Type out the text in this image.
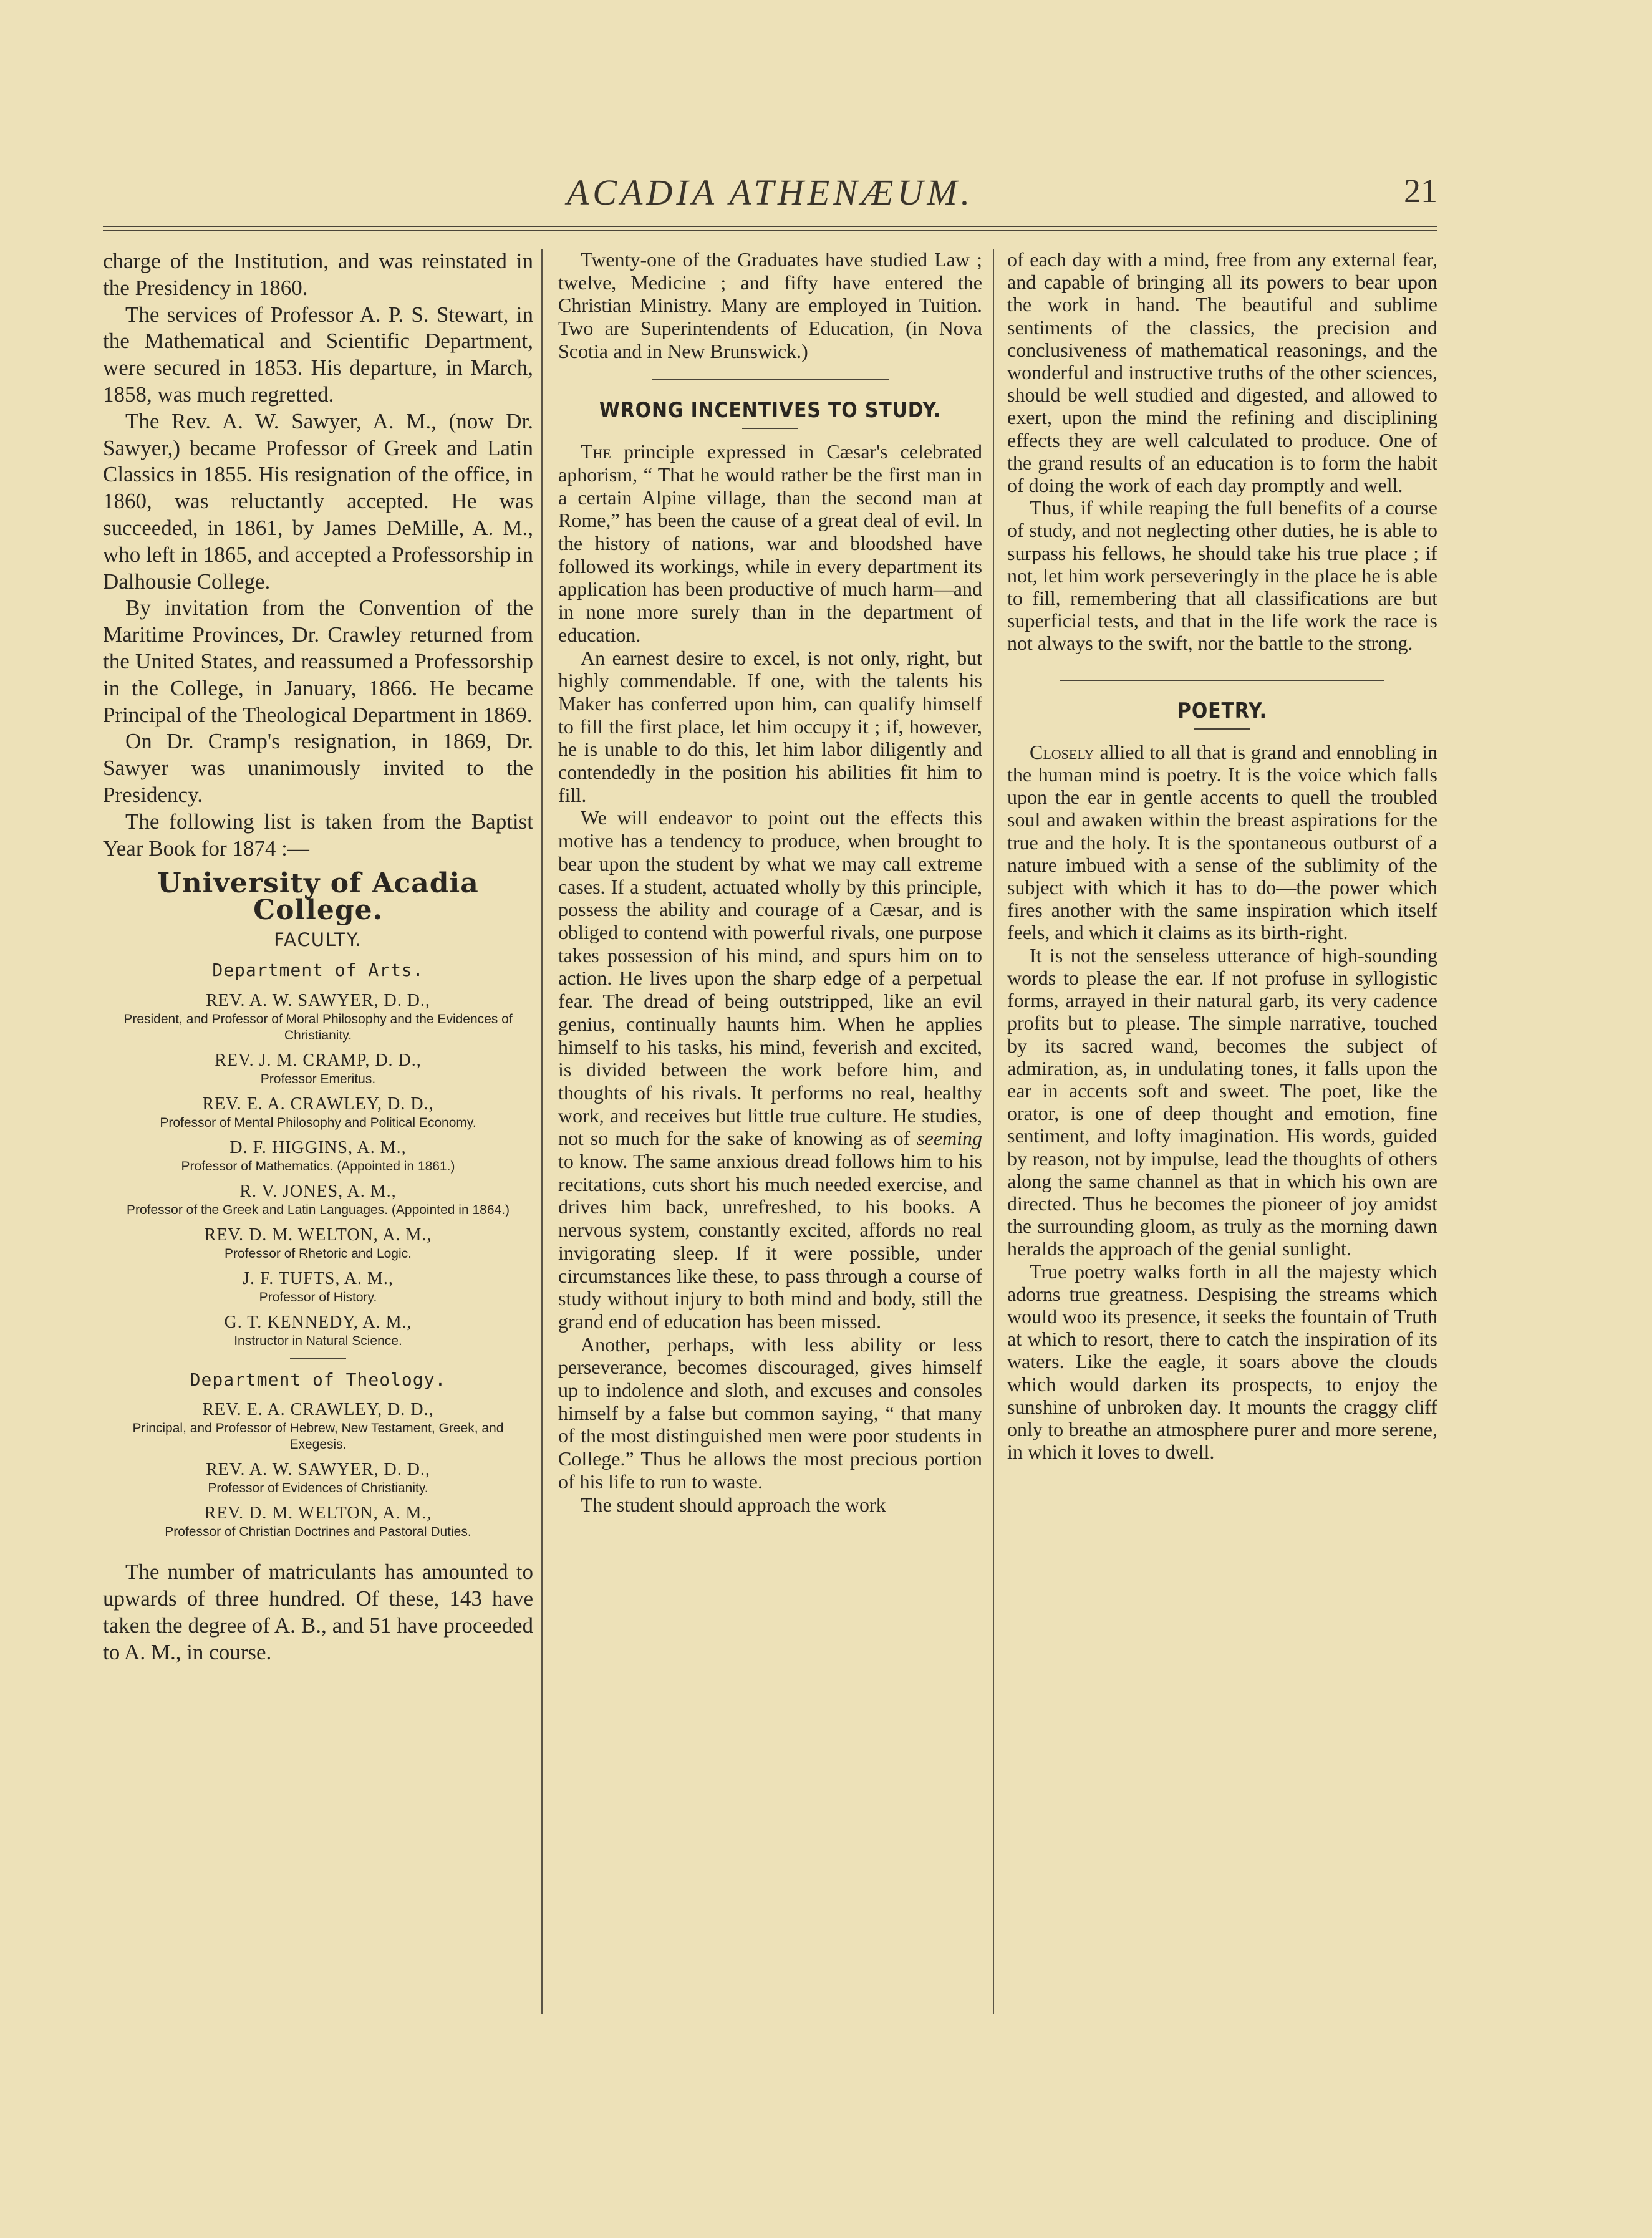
ACADIA ATHENÆUM.	21

charge of the Institution, and was reinstated in the Presidency in 1860.

The services of Professor A. P. S. Stewart, in the Mathematical and Scientific Department, were secured in 1853. His departure, in March, 1858, was much regretted.

The Rev. A. W. Sawyer, A. M., (now Dr. Sawyer,) became Professor of Greek and Latin Classics in 1855. His resignation of the office, in 1860, was reluctantly accepted. He was succeeded, in 1861, by James DeMille, A. M., who left in 1865, and accepted a Professorship in Dalhousie College.

By invitation from the Convention of the Maritime Provinces, Dr. Crawley returned from the United States, and reassumed a Professorship in the College, in January, 1866. He became Principal of the Theological Department in 1869.

On Dr. Cramp's resignation, in 1869, Dr. Sawyer was unanimously invited to the Presidency.

The following list is taken from the Baptist Year Book for 1874 :—

University of Acadia College.
FACULTY.
Department of Arts.
REV. A. W. SAWYER, D. D.,
President, and Professor of Moral Philosophy and the Evidences of Christianity.
REV. J. M. CRAMP, D. D.,
Professor Emeritus.
REV. E. A. CRAWLEY, D. D.,
Professor of Mental Philosophy and Political Economy.
D. F. HIGGINS, A. M.,
Professor of Mathematics. (Appointed in 1861.)
R. V. JONES, A. M.,
Professor of the Greek and Latin Languages. (Appointed in 1864.)
REV. D. M. WELTON, A. M.,
Professor of Rhetoric and Logic.
J. F. TUFTS, A. M.,
Professor of History.
G. T. KENNEDY, A. M.,
Instructor in Natural Science.
Department of Theology.
REV. E. A. CRAWLEY, D. D.,
Principal, and Professor of Hebrew, New Testament, Greek, and Exegesis.
REV. A. W. SAWYER, D. D.,
Professor of Evidences of Christianity.
REV. D. M. WELTON, A. M.,
Professor of Christian Doctrines and Pastoral Duties.

The number of matriculants has amounted to upwards of three hundred. Of these, 143 have taken the degree of A. B., and 51 have proceeded to A. M., in course.

Twenty-one of the Graduates have studied Law ; twelve, Medicine ; and fifty have entered the Christian Ministry. Many are employed in Tuition. Two are Superintendents of Education, (in Nova Scotia and in New Brunswick.)

WRONG INCENTIVES TO STUDY.

The principle expressed in Cæsar's celebrated aphorism, “ That he would rather be the first man in a certain Alpine village, than the second man at Rome,” has been the cause of a great deal of evil. In the history of nations, war and bloodshed have followed its workings, while in every department its application has been productive of much harm—and in none more surely than in the department of education.

An earnest desire to excel, is not only, right, but highly commendable. If one, with the talents his Maker has conferred upon him, can qualify himself to fill the first place, let him occupy it ; if, however, he is unable to do this, let him labor diligently and contendedly in the position his abilities fit him to fill.

We will endeavor to point out the effects this motive has a tendency to produce, when brought to bear upon the student by what we may call extreme cases. If a student, actuated wholly by this principle, possess the ability and courage of a Cæsar, and is obliged to contend with powerful rivals, one purpose takes possession of his mind, and spurs him on to action. He lives upon the sharp edge of a perpetual fear. The dread of being outstripped, like an evil genius, continually haunts him. When he applies himself to his tasks, his mind, feverish and excited, is divided between the work before him, and thoughts of his rivals. It performs no real, healthy work, and receives but little true culture. He studies, not so much for the sake of knowing as of seeming to know. The same anxious dread follows him to his recitations, cuts short his much needed exercise, and drives him back, unrefreshed, to his books. A nervous system, constantly excited, affords no real invigorating sleep. If it were possible, under circumstances like these, to pass through a course of study without injury to both mind and body, still the grand end of education has been missed.

Another, perhaps, with less ability or less perseverance, becomes discouraged, gives himself up to indolence and sloth, and excuses and consoles himself by a false but common saying, “ that many of the most distinguished men were poor students in College.” Thus he allows the most precious portion of his life to run to waste.

The student should approach the work

of each day with a mind, free from any external fear, and capable of bringing all its powers to bear upon the work in hand. The beautiful and sublime sentiments of the classics, the precision and conclusiveness of mathematical reasonings, and the wonderful and instructive truths of the other sciences, should be well studied and digested, and allowed to exert, upon the mind the refining and disciplining effects they are well calculated to produce. One of the grand results of an education is to form the habit of doing the work of each day promptly and well.

Thus, if while reaping the full benefits of a course of study, and not neglecting other duties, he is able to surpass his fellows, he should take his true place ; if not, let him work perseveringly in the place he is able to fill, remembering that all classifications are but superficial tests, and that in the life work the race is not always to the swift, nor the battle to the strong.

POETRY.

Closely allied to all that is grand and ennobling in the human mind is poetry. It is the voice which falls upon the ear in gentle accents to quell the troubled soul and awaken within the breast aspirations for the true and the holy. It is the spontaneous outburst of a nature imbued with a sense of the sublimity of the subject with which it has to do—the power which fires another with the same inspiration which itself feels, and which it claims as its birth-right.

It is not the senseless utterance of high-sounding words to please the ear. If not profuse in syllogistic forms, arrayed in their natural garb, its very cadence profits but to please. The simple narrative, touched by its sacred wand, becomes the subject of admiration, as, in undulating tones, it falls upon the ear in accents soft and sweet. The poet, like the orator, is one of deep thought and emotion, fine sentiment, and lofty imagination. His words, guided by reason, not by impulse, lead the thoughts of others along the same channel as that in which his own are directed. Thus he becomes the pioneer of joy amidst the surrounding gloom, as truly as the morning dawn heralds the approach of the genial sunlight.

True poetry walks forth in all the majesty which adorns true greatness. Despising the streams which would woo its presence, it seeks the fountain of Truth at which to resort, there to catch the inspiration of its waters. Like the eagle, it soars above the clouds which would darken its prospects, to enjoy the sunshine of unbroken day. It mounts the craggy cliff only to breathe an atmosphere purer and more serene, in which it loves to dwell.
